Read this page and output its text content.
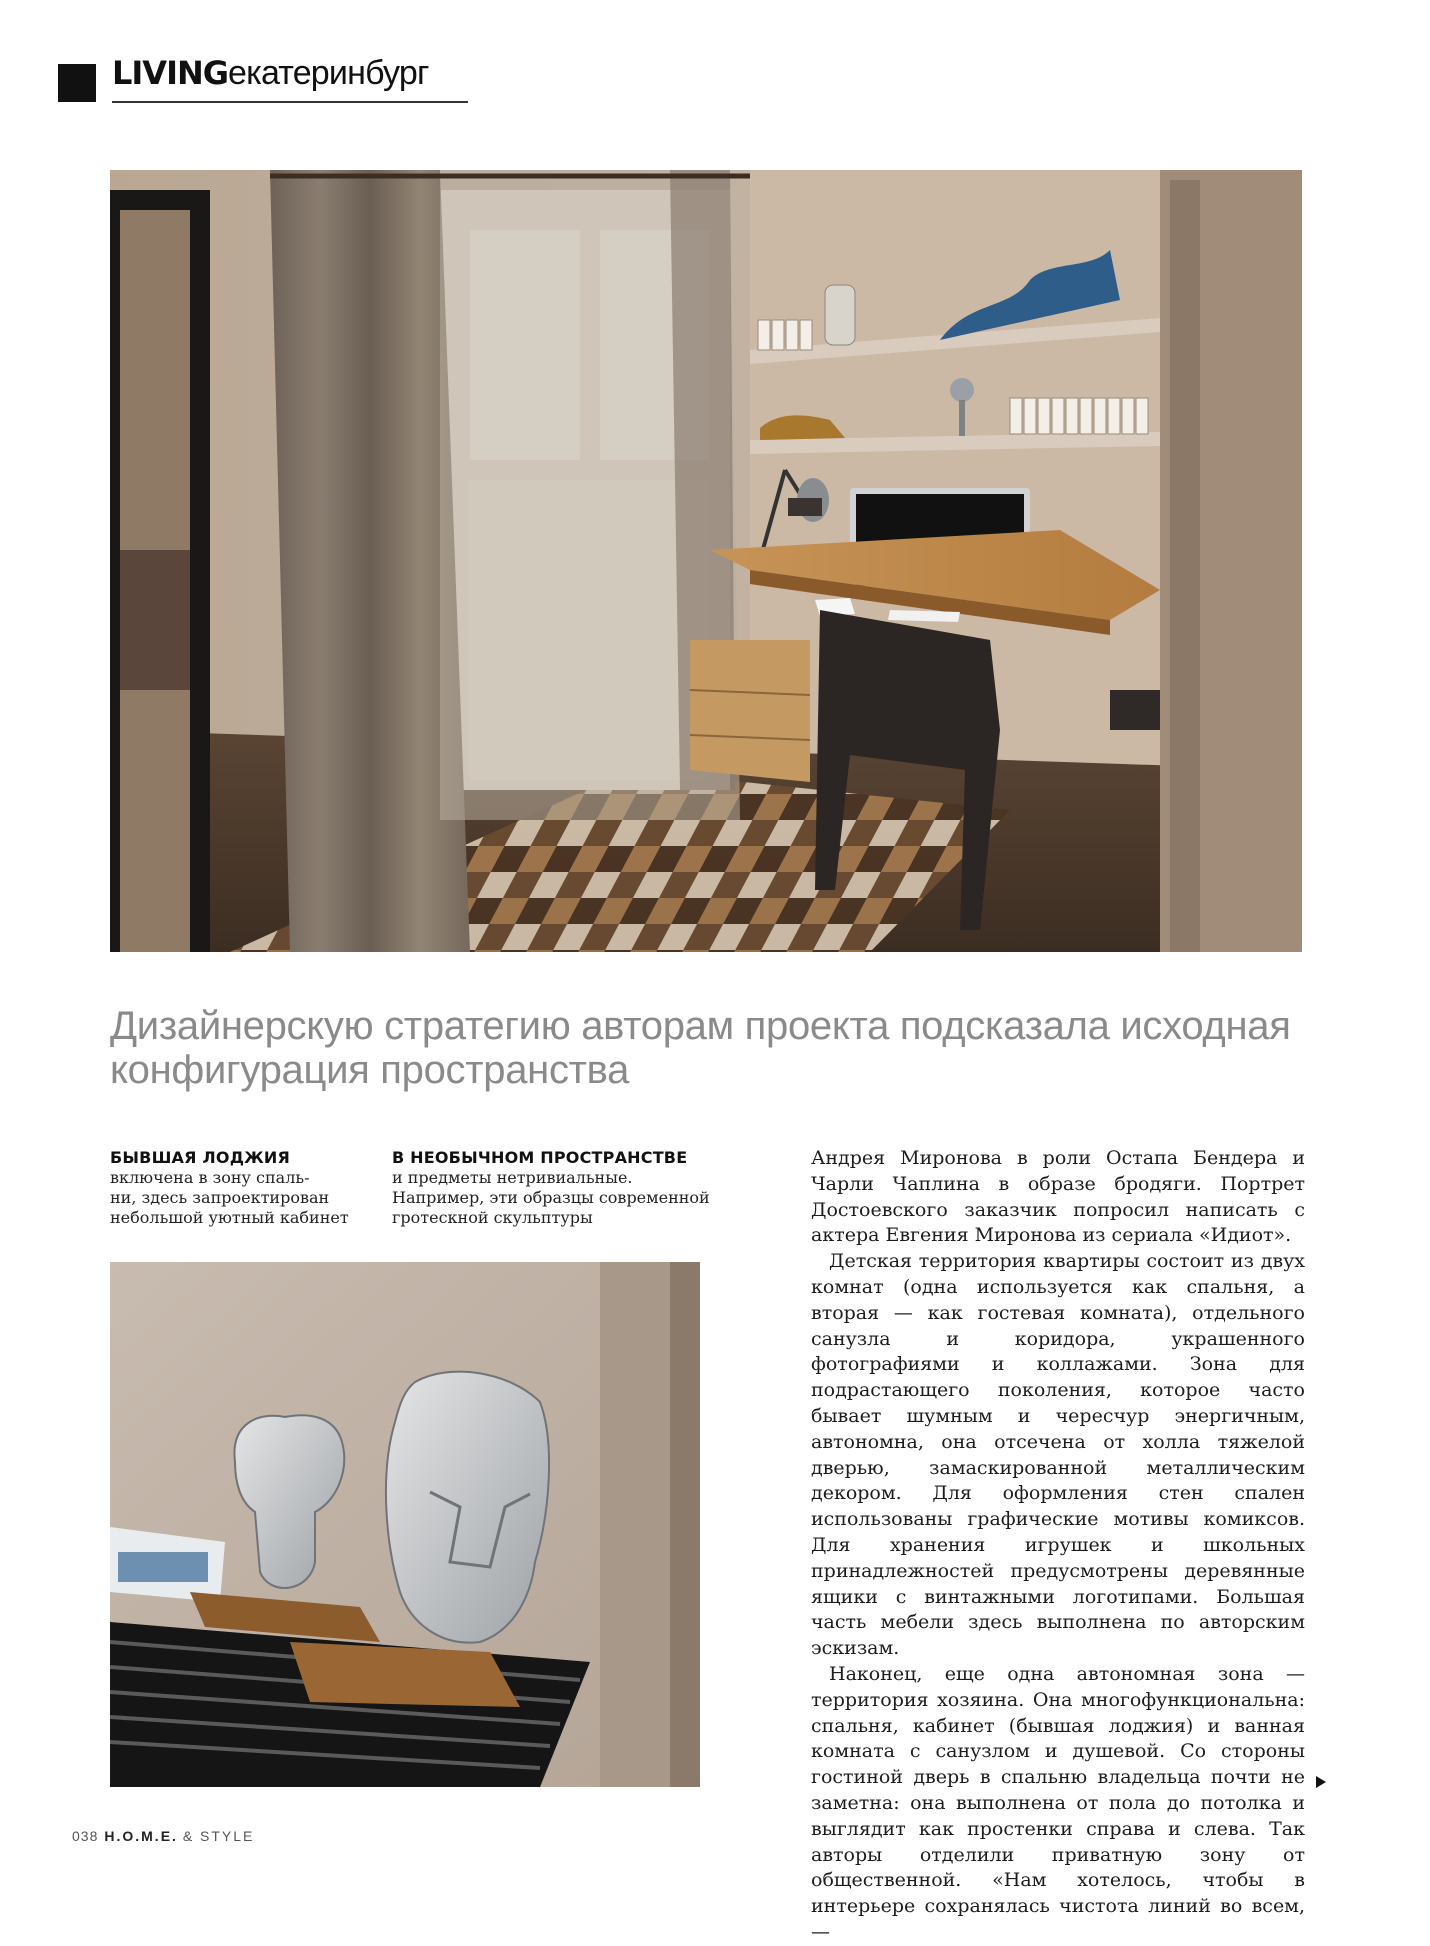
LIVINGекатеринбург
Дизайнерскую стратегию авторам проекта подсказала исходная конфигурация пространства
БЫВШАЯ ЛОДЖИЯ
включена в зону спаль-
ни, здесь запроектирован
небольшой уютный кабинет
В НЕОБЫЧНОМ ПРОСТРАНСТВЕ
и предметы нетривиальные.
Например, эти образцы современной
гротескной скульптуры

Андрея Миронова в роли Остапа Бендера и Чарли Чаплина в образе бродяги. Портрет Достоевского заказчик попросил написать с актера Евгения Миронова из сериала «Идиот».

Детская территория квартиры состоит из двух комнат (одна используется как спальня, а вторая — как гостевая комната), отдельного санузла и коридора, украшенного фотографиями и коллажами. Зона для подрастающего поколения, которое часто бывает шумным и чересчур энергичным, автономна, она отсечена от холла тяжелой дверью, замаскированной металлическим декором. Для оформления стен спален использованы графические мотивы комиксов. Для хранения игрушек и школьных принадлежностей предусмотрены деревянные ящики с винтажными логотипами. Большая часть мебели здесь выполнена по авторским эскизам.

Наконец, еще одна автономная зона — территория хозяина. Она многофункциональна: спальня, кабинет (бывшая лоджия) и ванная комната с санузлом и душевой. Со стороны гостиной дверь в спальню владельца почти не заметна: она выполнена от пола до потолка и выглядит как простенки справа и слева. Так авторы отделили приватную зону от общественной. «Нам хотелось, чтобы в интерьере сохранялась чистота линий во всем, —

038 H.O.M.E. & STYLE
